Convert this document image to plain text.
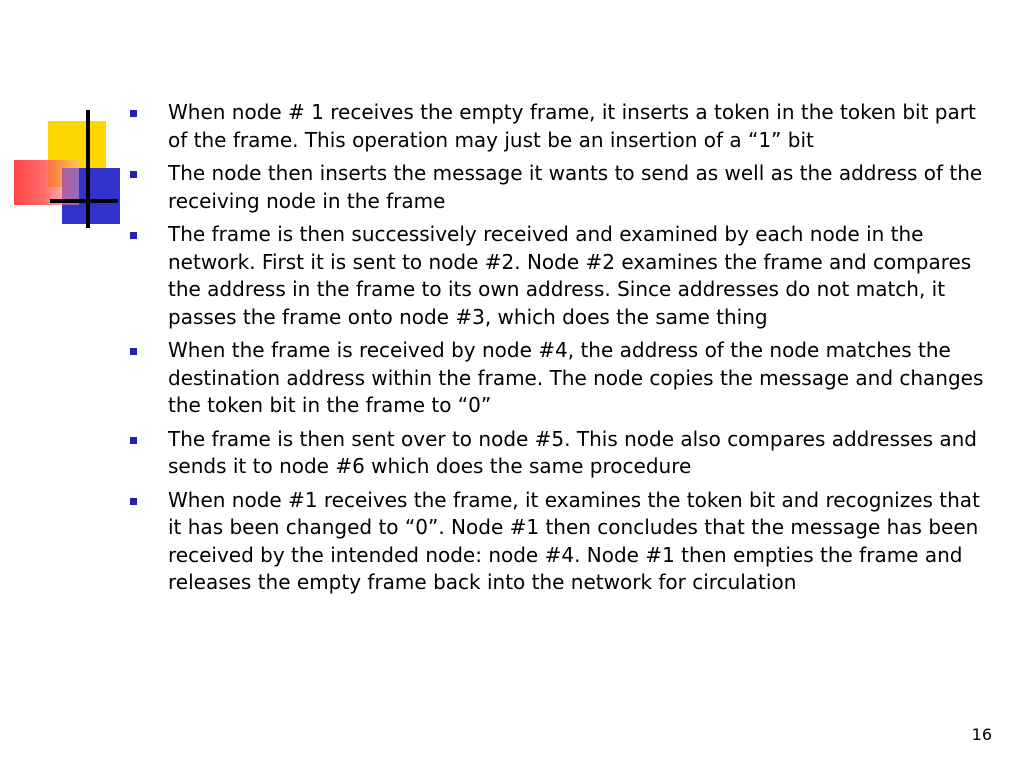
When node # 1 receives the empty frame, it inserts a token in the token bit part of the frame. This operation may just be an insertion of a “1” bit
The node then inserts the message it wants to send as well as the address of the receiving node in the frame
The frame is then successively received and examined by each node in the network. First it is sent to node #2. Node #2 examines the frame and compares the address in the frame to its own address. Since addresses do not match, it passes the frame onto node #3, which does the same thing
When the frame is received by node #4, the address of the node matches the destination address within the frame. The node copies the message and changes the token bit in the frame to “0”
The frame is then sent over to node #5. This node also compares addresses and sends it to node #6 which does the same procedure
When node #1 receives the frame, it examines the token bit and recognizes that it has been changed to “0”. Node #1 then concludes that the message has been received by the intended node: node #4. Node #1 then empties the frame and releases the empty frame back into the network for circulation
16
